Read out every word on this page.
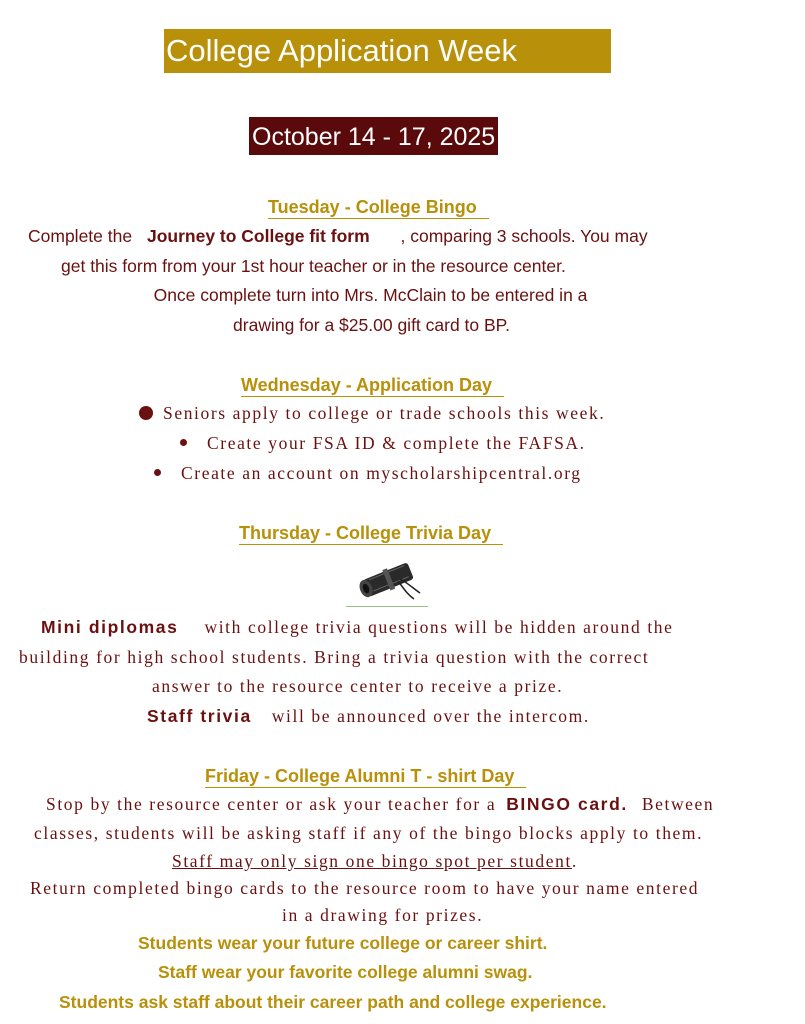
College Application Week
October 14 - 17, 2025
Tuesday - College Bingo
Complete the Journey to College fit form , comparing 3 schools. You may
get this form from your 1st hour teacher or in the resource center.
Once complete turn into Mrs. McClain to be entered in a
drawing for a $25.00 gift card to BP.
Wednesday - Application Day
Seniors apply to college or trade schools this week.
Create your FSA ID & complete the FAFSA.
Create an account on myscholarshipcentral.org
Thursday - College Trivia Day
Mini diplomas with college trivia questions will be hidden around the
building for high school students. Bring a trivia question with the correct
answer to the resource center to receive a prize.
Staff trivia will be announced over the intercom.
Friday - College Alumni T - shirt Day
Stop by the resource center or ask your teacher for a BINGO card. Between
classes, students will be asking staff if any of the bingo blocks apply to them.
Staff may only sign one bingo spot per student.
Return completed bingo cards to the resource room to have your name entered
in a drawing for prizes.
Students wear your future college or career shirt.
Staff wear your favorite college alumni swag.
Students ask staff about their career path and college experience.
